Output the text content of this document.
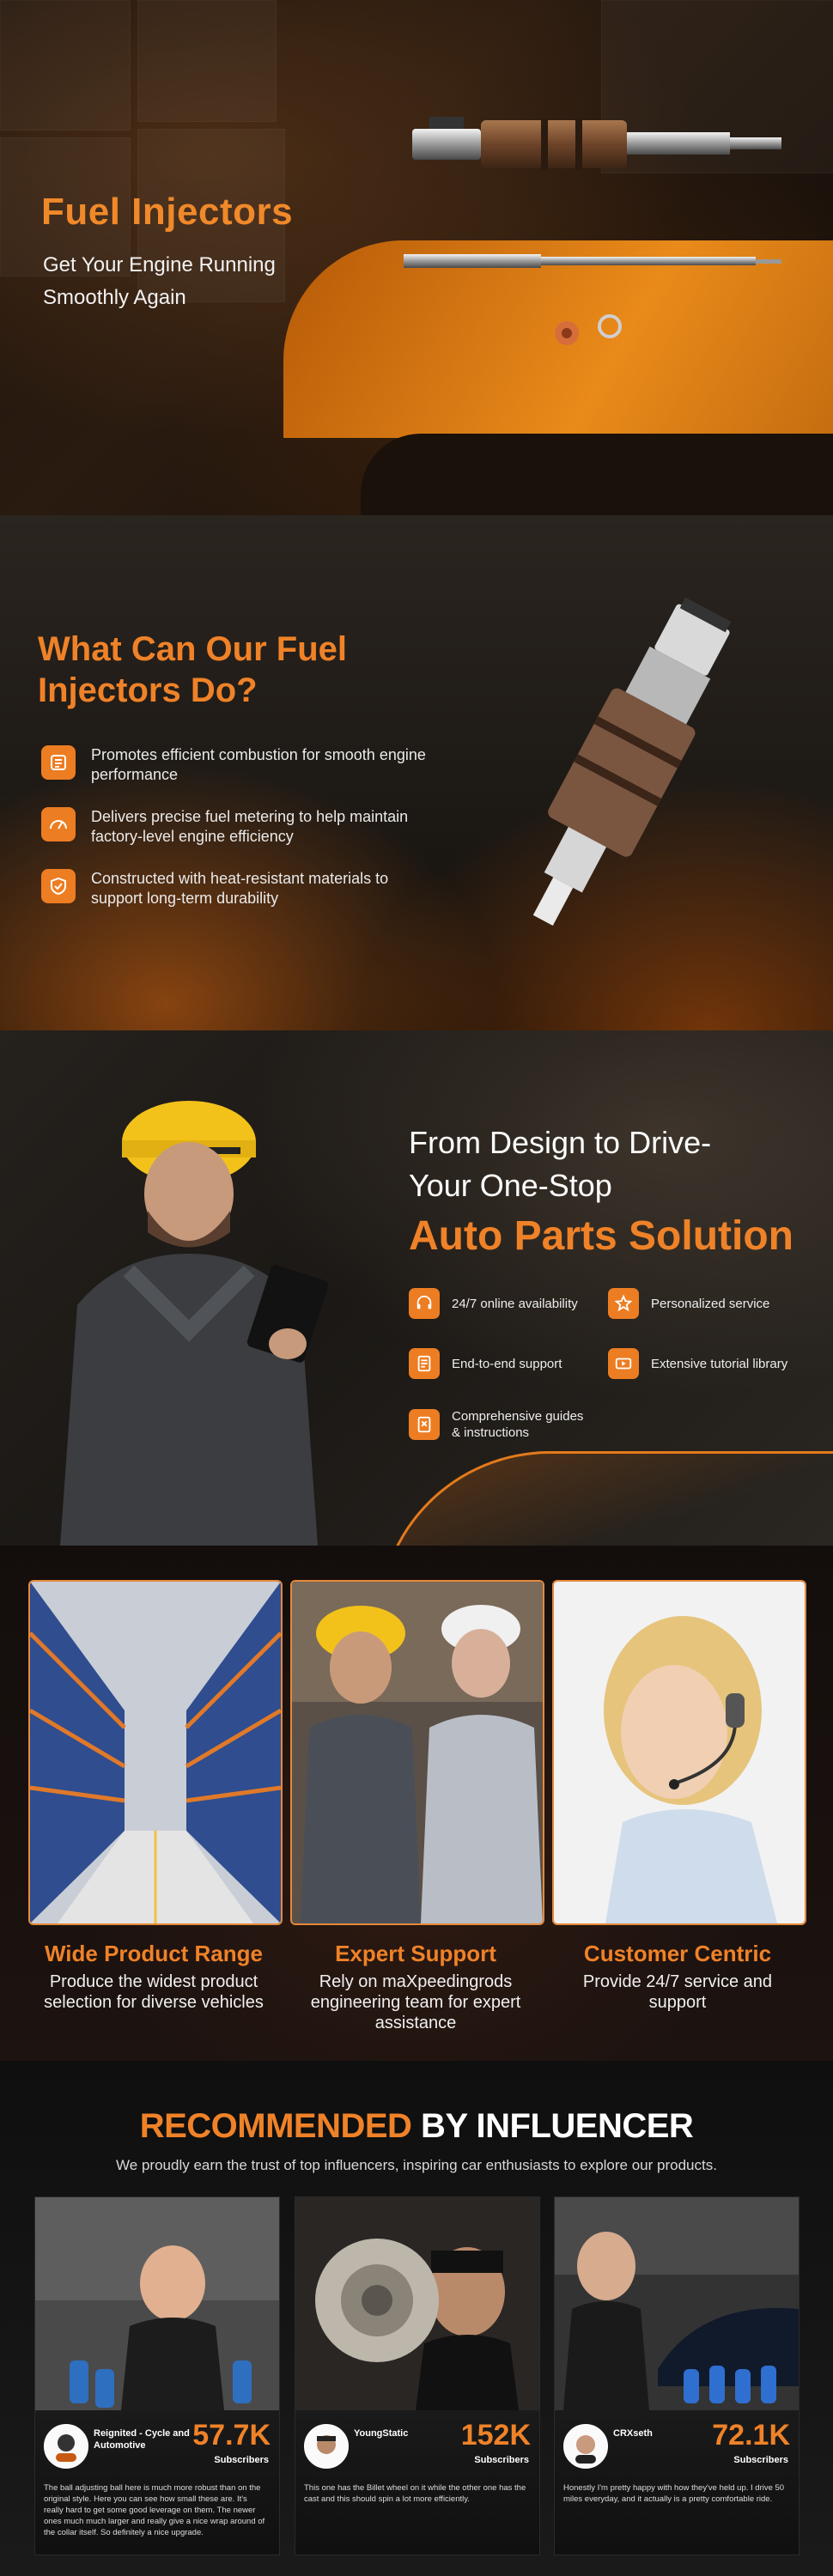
Fuel Injectors
Get Your Engine Running Smoothly Again
What Can Our Fuel Injectors Do?
Promotes efficient combustion for smooth engine performance
Delivers precise fuel metering to help maintain factory-level engine efficiency
Constructed with heat-resistant materials to support long-term durability
From Design to Drive-
Your One-Stop
Auto Parts Solution
24/7 online availability	Personalized service
End-to-end support	Extensive tutorial library
Comprehensive guides & instructions
Wide Product Range
Produce the widest product selection for diverse vehicles
Expert Support
Rely on maXpeedingrods engineering team for expert assistance
Customer Centric
Provide 24/7 service and support
RECOMMENDED BY INFLUENCER
We proudly earn the trust of top influencers, inspiring car enthusiasts to explore our products.
Reignited - Cycle and Automotive	57.7K
Subscribers
The ball adjusting ball here is much more robust than on the original style. Here you can see how small these are. It's really hard to get some good leverage on them. The newer ones much much larger and really give a nice wrap around of the collar itself. So definitely a nice upgrade.
YoungStatic	152K
Subscribers
This one has the Billet wheel on it while the other one has the cast and this should spin a lot more efficiently.
CRXseth	72.1K
Subscribers
Honestly I'm pretty happy with how they've held up. I drive 50 miles everyday, and it actually is a pretty comfortable ride.
